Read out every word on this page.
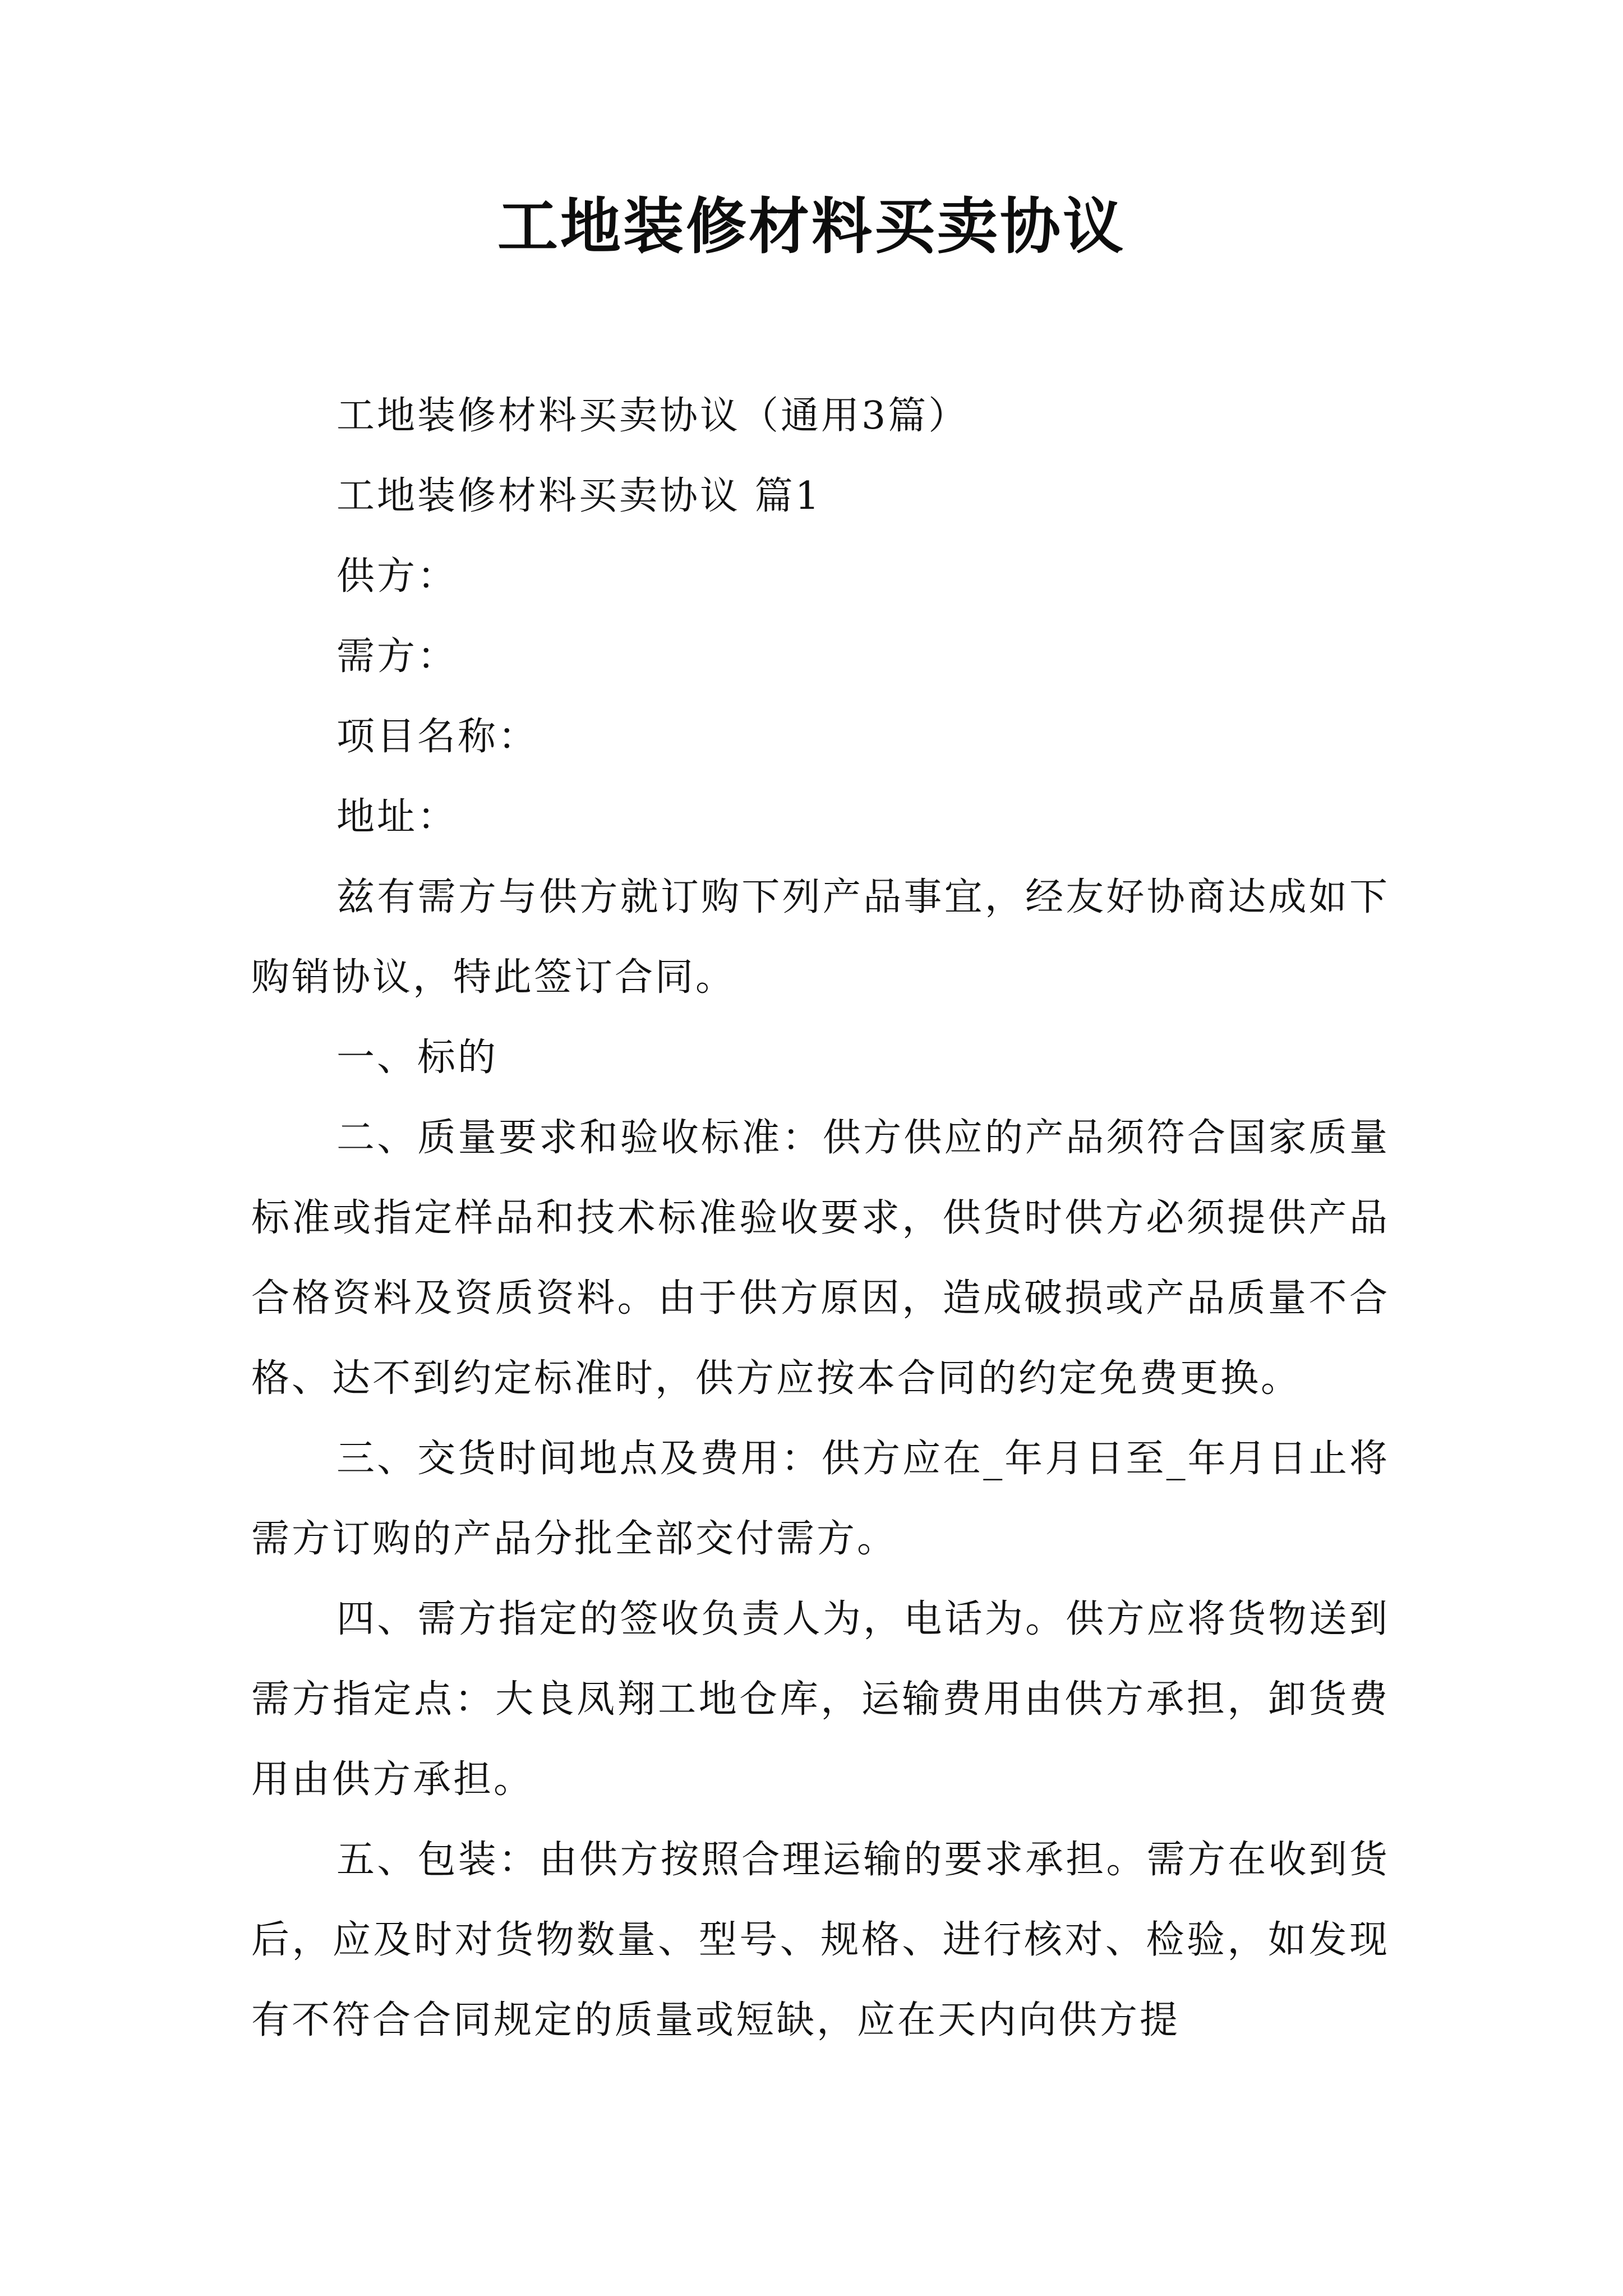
工地装修材料买卖协议

工地装修材料买卖协议（通用3篇）

工地装修材料买卖协议 篇1

供方：

需方：

项目名称：

地址：

兹有需方与供方就订购下列产品事宜，经友好协商达成如下购销协议，特此签订合同。

一、标的

二、质量要求和验收标准：供方供应的产品须符合国家质量标准或指定样品和技术标准验收要求，供货时供方必须提供产品合格资料及资质资料。由于供方原因，造成破损或产品质量不合格、达不到约定标准时，供方应按本合同的约定免费更换。

三、交货时间地点及费用：供方应在_年月日至_年月日止将需方订购的产品分批全部交付需方。

四、需方指定的签收负责人为，电话为。供方应将货物送到需方指定点：大良凤翔工地仓库，运输费用由供方承担，卸货费用由供方承担。

五、包装：由供方按照合理运输的要求承担。需方在收到货后，应及时对货物数量、型号、规格、进行核对、检验，如发现有不符合合同规定的质量或短缺，应在天内向供方提
